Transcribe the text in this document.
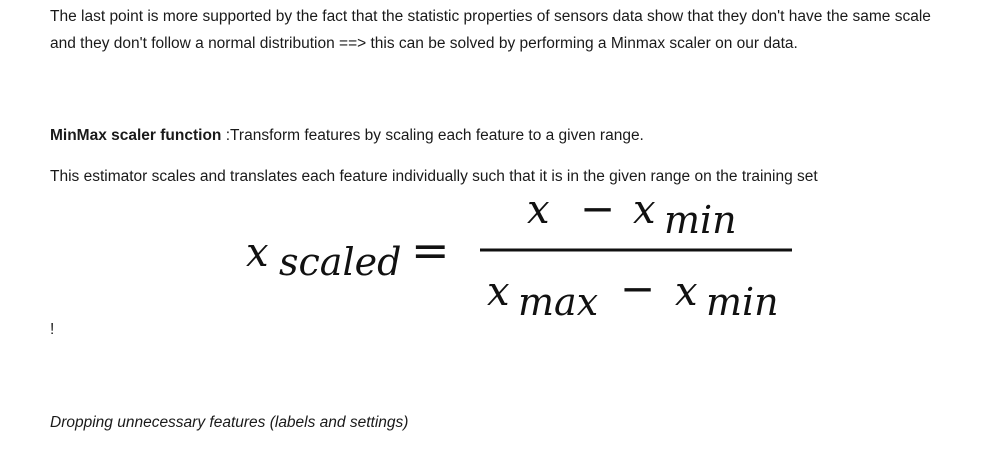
The last point is more supported by the fact that the statistic properties of sensors data show that they don't have the same scale
and they don't follow a normal distribution ==> this can be solved by performing a Minmax scaler on our data.
MinMax scaler function :Transform features by scaling each feature to a given range.
This estimator scales and translates each feature individually such that it is in the given range on the training set
x scaled =
x − x min
x max − x min
!
Dropping unnecessary features (labels and settings)
